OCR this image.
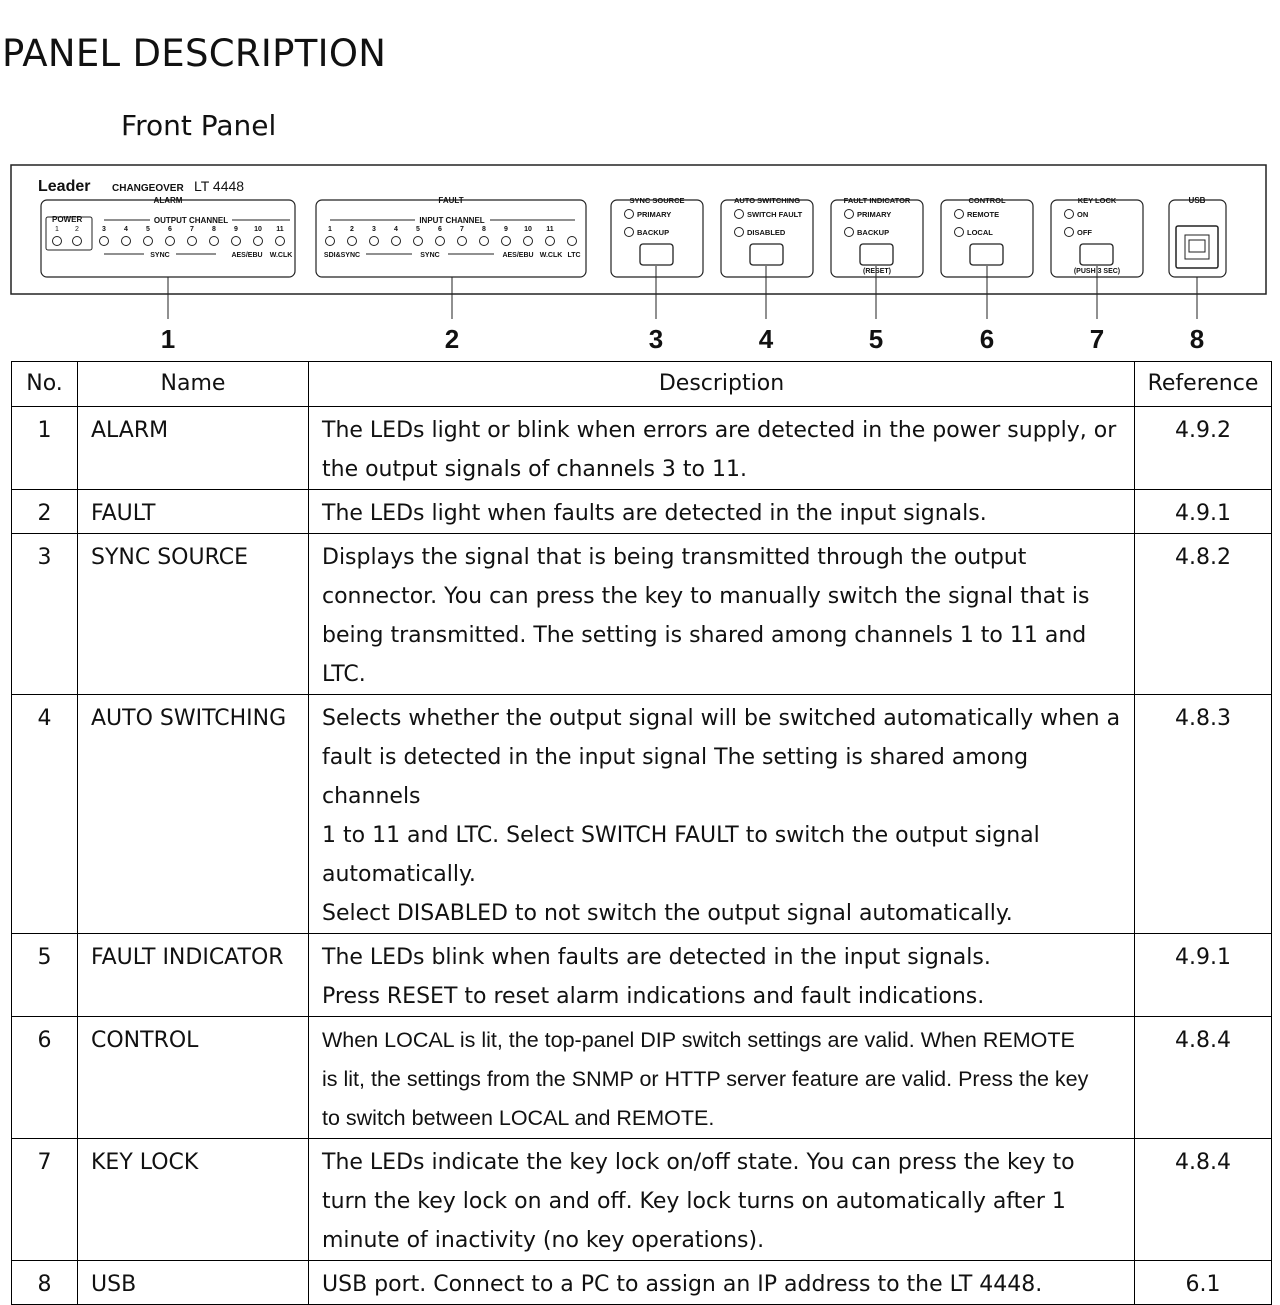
PANEL DESCRIPTION
Front Panel
Leader CHANGEOVER LT 4448
ALARM
POWER
1 2
OUTPUT CHANNEL
3	4	5	6	7	8	9 10 11
SYNC	AES/EBU W.CLK
FAULT
INPUT CHANNEL
1	2	3	4	5	6	7	8	9 10 11
SDI&SYNC	SYNC	AES/EBU W.CLK LTC
SYNC SOURCE
PRIMARY
BACKUP
AUTO SWITCHING
SWITCH FAULT
DISABLED
FAULT INDICATOR
PRIMARY
BACKUP
(RESET)
CONTROL
REMOTE
LOCAL
KEY LOCK
ON
OFF
(PUSH 3 SEC)
USB
1	2	3	4	5	6	7	8
No.	Name	Description	Reference
1	ALARM	The LEDs light or blink when errors are detected in the power supply, or
the output signals of channels 3 to 11.	4.9.2
2	FAULT	The LEDs light when faults are detected in the input signals.	4.9.1
3	SYNC SOURCE	Displays the signal that is being transmitted through the output
connector. You can press the key to manually switch the signal that is
being transmitted. The setting is shared among channels 1 to 11 and
LTC.	4.8.2
4	AUTO SWITCHING	Selects whether the output signal will be switched automatically when a
fault is detected in the input signal The setting is shared among channels
1 to 11 and LTC. Select SWITCH FAULT to switch the output signal
automatically.
Select DISABLED to not switch the output signal automatically.	4.8.3
5	FAULT INDICATOR	The LEDs blink when faults are detected in the input signals.
Press RESET to reset alarm indications and fault indications.	4.9.1
6	CONTROL	When LOCAL is lit, the top-panel DIP switch settings are valid. When REMOTE
is lit, the settings from the SNMP or HTTP server feature are valid. Press the key
to switch between LOCAL and REMOTE.	4.8.4
7	KEY LOCK	The LEDs indicate the key lock on/off state. You can press the key to
turn the key lock on and off. Key lock turns on automatically after 1
minute of inactivity (no key operations).	4.8.4
8	USB	USB port. Connect to a PC to assign an IP address to the LT 4448.	6.1
